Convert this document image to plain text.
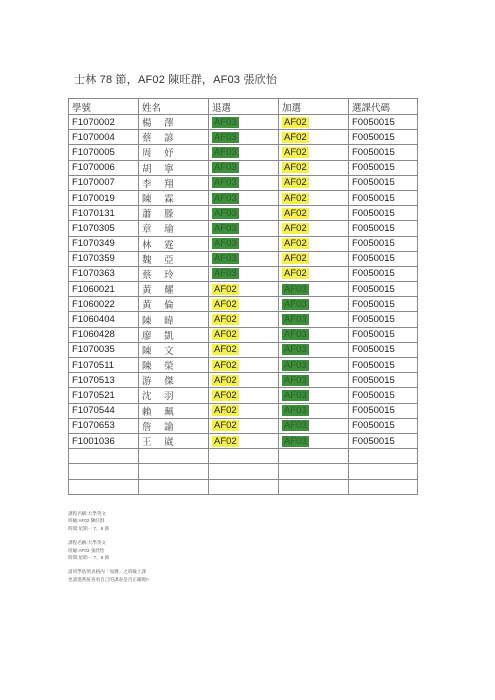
士林 78 節，AF02 陳旺群，AF03 張欣怡
學號	姓名	退選	加選	選課代碼
F1070002	楊 澤	AF03	AF02	F0050015
F1070004	蔡 諺	AF03	AF02	F0050015
F1070005	周 妤	AF03	AF02	F0050015
F1070006	胡 寧	AF03	AF02	F0050015
F1070007	李 翔	AF03	AF02	F0050015
F1070019	陳 霖	AF03	AF02	F0050015
F1070131	蕭 滕	AF03	AF02	F0050015
F1070305	章 瑜	AF03	AF02	F0050015
F1070349	林 霆	AF03	AF02	F0050015
F1070359	魏 亞	AF03	AF02	F0050015
F1070363	蔡 玲	AF03	AF02	F0050015
F1060021	黃 耀	AF02	AF03	F0050015
F1060022	黃 倫	AF02	AF03	F0050015
F1060404	陳 暐	AF02	AF03	F0050015
F1060428	廖 凱	AF02	AF03	F0050015
F1070035	陳 文	AF02	AF03	F0050015
F1070511	陳 榮	AF02	AF03	F0050015
F1070513	游 傑	AF02	AF03	F0050015
F1070521	沈 羽	AF02	AF03	F0050015
F1070544	賴 珮	AF02	AF03	F0050015
F1070653	詹 諭	AF02	AF03	F0050015
F1001036	王 崴	AF02	AF03	F0050015

課程名稱:大學英文
班級:AF02 陳旺群
時間:星期一 7、8 節
課程名稱:大學英文
班級:AF03 張欣怡
時間:星期一 7、8 節
請同學依照表格內「加選」之班級上課
也請進系統查看自己的課表是否正確喔!!
